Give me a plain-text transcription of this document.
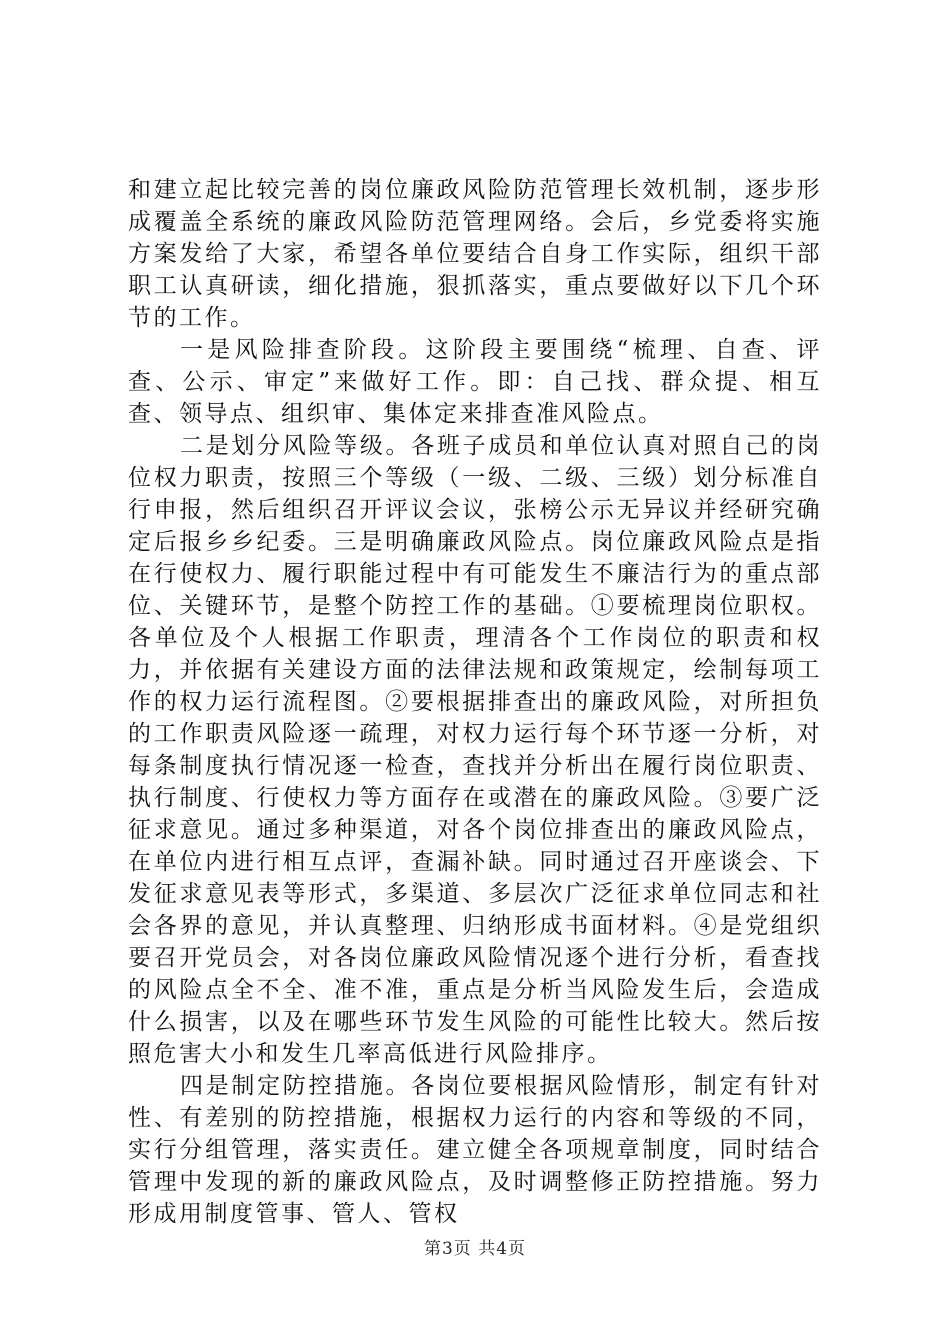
和建立起比较完善的岗位廉政风险防范管理长效机制，逐步形成覆盖全系统的廉政风险防范管理网络。会后，乡党委将实施方案发给了大家，希望各单位要结合自身工作实际，组织干部职工认真研读，细化措施，狠抓落实，重点要做好以下几个环节的工作。

一是风险排查阶段。这阶段主要围绕“梳理、自查、评查、公示、审定”来做好工作。即：自己找、群众提、相互查、领导点、组织审、集体定来排查准风险点。

二是划分风险等级。各班子成员和单位认真对照自己的岗位权力职责，按照三个等级（一级、二级、三级）划分标准自行申报，然后组织召开评议会议，张榜公示无异议并经研究确定后报乡乡纪委。三是明确廉政风险点。岗位廉政风险点是指在行使权力、履行职能过程中有可能发生不廉洁行为的重点部位、关键环节，是整个防控工作的基础。①要梳理岗位职权。各单位及个人根据工作职责，理清各个工作岗位的职责和权力，并依据有关建设方面的法律法规和政策规定，绘制每项工作的权力运行流程图。②要根据排查出的廉政风险，对所担负的工作职责风险逐一疏理，对权力运行每个环节逐一分析，对每条制度执行情况逐一检查，查找并分析出在履行岗位职责、执行制度、行使权力等方面存在或潜在的廉政风险。③要广泛征求意见。通过多种渠道，对各个岗位排查出的廉政风险点，在单位内进行相互点评，查漏补缺。同时通过召开座谈会、下发征求意见表等形式，多渠道、多层次广泛征求单位同志和社会各界的意见，并认真整理、归纳形成书面材料。④是党组织要召开党员会，对各岗位廉政风险情况逐个进行分析，看查找的风险点全不全、准不准，重点是分析当风险发生后，会造成什么损害，以及在哪些环节发生风险的可能性比较大。然后按照危害大小和发生几率高低进行风险排序。

四是制定防控措施。各岗位要根据风险情形，制定有针对性、有差别的防控措施，根据权力运行的内容和等级的不同，实行分组管理，落实责任。建立健全各项规章制度，同时结合管理中发现的新的廉政风险点，及时调整修正防控措施。努力形成用制度管事、管人、管权

第3页 共4页
